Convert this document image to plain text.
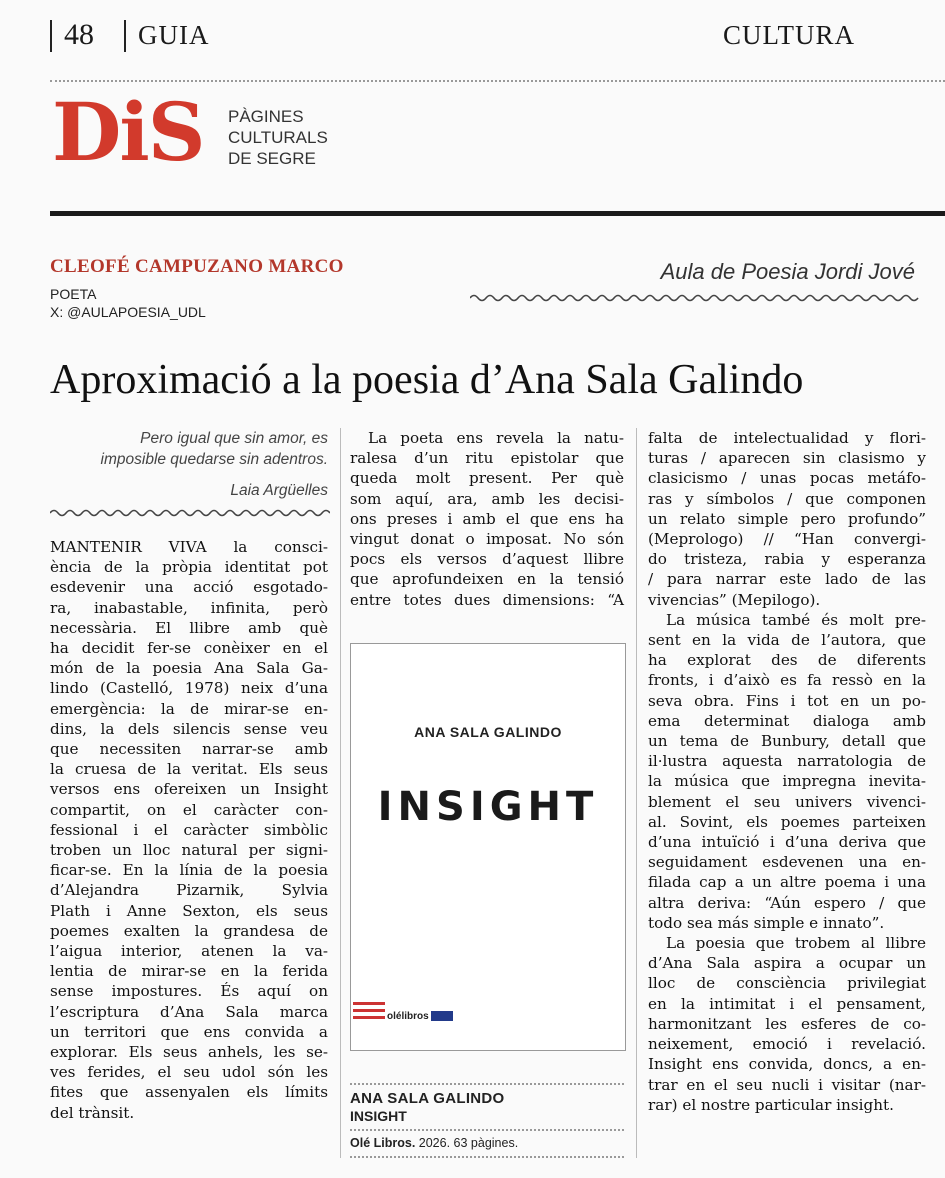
48 GUIA	CULTURA
DiS PÀGINES
CULTURALS
DE SEGRE
CLEOFÉ CAMPUZANO MARCO
POETA
X: @AULAPOESIA_UDL
Aula de Poesia Jordi Jové
Aproximació a la poesia d’Ana Sala Galindo
Pero igual que sin amor, es
imposible quedarse sin adentros.
Laia Argüelles
MANTENIR VIVA la consci-
ència de la pròpia identitat pot
esdevenir una acció esgotado-
ra, inabastable, infinita, però
necessària. El llibre amb què
ha decidit fer-se conèixer en el
món de la poesia Ana Sala Ga-
lindo (Castelló, 1978) neix d’una
emergència: la de mirar-se en-
dins, la dels silencis sense veu
que necessiten narrar-se amb
la cruesa de la veritat. Els seus
versos ens ofereixen un Insight
compartit, on el caràcter con-
fessional i el caràcter simbòlic
troben un lloc natural per signi-
ficar-se. En la línia de la poesia
d’Alejandra Pizarnik, Sylvia
Plath i Anne Sexton, els seus
poemes exalten la grandesa de
l’aigua interior, atenen la va-
lentia de mirar-se en la ferida
sense impostures. És aquí on
l’escriptura d’Ana Sala marca
un territori que ens convida a
explorar. Els seus anhels, les se-
ves ferides, el seu udol són les
fites que assenyalen els límits
del trànsit.
La poeta ens revela la natu-
ralesa d’un ritu epistolar que
queda molt present. Per què
som aquí, ara, amb les decisi-
ons preses i amb el que ens ha
vingut donat o imposat. No són
pocs els versos d’aquest llibre
que aprofundeixen en la tensió
entre totes dues dimensions: “A
falta de intelectualidad y flori-
turas / aparecen sin clasismo y
clasicismo / unas pocas metáfo-
ras y símbolos / que componen
un relato simple pero profundo”
(Meprologo) // “Han convergi-
do tristeza, rabia y esperanza
/ para narrar este lado de las
vivencias” (Mepilogo).
La música també és molt pre-
sent en la vida de l’autora, que
ha explorat des de diferents
fronts, i d’això es fa ressò en la
seva obra. Fins i tot en un po-
ema determinat dialoga amb
un tema de Bunbury, detall que
il·lustra aquesta narratologia de
la música que impregna inevita-
blement el seu univers vivenci-
al. Sovint, els poemes parteixen
d’una intuïció i d’una deriva que
seguidament esdevenen una en-
filada cap a un altre poema i una
altra deriva: “Aún espero / que
todo sea más simple e innato”.
La poesia que trobem al llibre
d’Ana Sala aspira a ocupar un
lloc de consciència privilegiat
en la intimitat i el pensament,
harmonitzant les esferes de co-
neixement, emoció i revelació.
Insight ens convida, doncs, a en-
trar en el seu nucli i visitar (nar-
rar) el nostre particular insight.
ANA SALA GALINDO
INSIGHT
olélibros
ANA SALA GALINDO
INSIGHT
Olé Libros. 2026. 63 pàgines.
